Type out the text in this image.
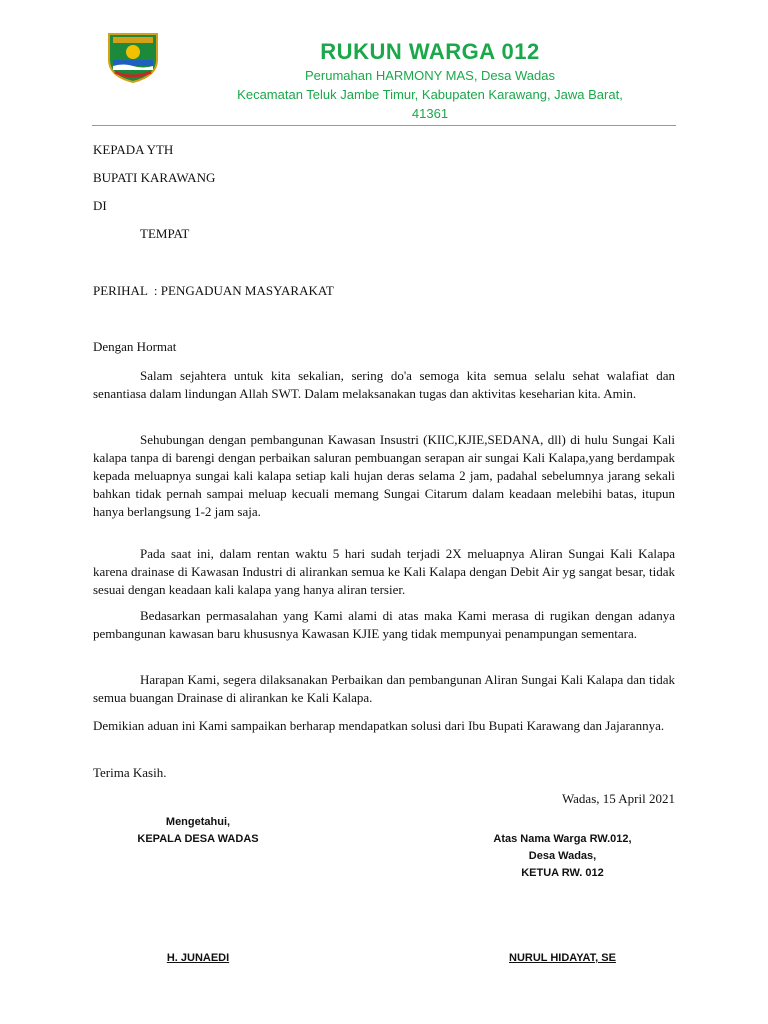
RUKUN WARGA 012
Perumahan HARMONY MAS, Desa Wadas
Kecamatan Teluk Jambe Timur, Kabupaten Karawang, Jawa Barat,
41361
KEPADA YTH
BUPATI KARAWANG
DI
TEMPAT
PERIHAL  : PENGADUAN MASYARAKAT
Dengan Hormat

Salam sejahtera untuk kita sekalian, sering do'a semoga kita semua selalu sehat walafiat dan senantiasa dalam lindungan Allah SWT. Dalam melaksanakan tugas dan aktivitas keseharian kita. Amin.

Sehubungan dengan pembangunan Kawasan Insustri (KIIC,KJIE,SEDANA, dll) di hulu Sungai Kali kalapa tanpa di barengi dengan perbaikan saluran pembuangan serapan air sungai Kali Kalapa,yang berdampak kepada meluapnya sungai kali kalapa setiap kali hujan deras selama 2 jam, padahal sebelumnya jarang sekali bahkan tidak pernah sampai meluap kecuali memang Sungai Citarum dalam keadaan melebihi batas, itupun hanya berlangsung 1-2 jam saja.

Pada saat ini, dalam rentan waktu 5 hari sudah terjadi 2X meluapnya Aliran Sungai Kali Kalapa karena drainase di Kawasan Industri di alirankan semua ke Kali Kalapa dengan Debit Air yg sangat besar, tidak sesuai dengan keadaan kali kalapa yang hanya aliran tersier.

Bedasarkan permasalahan yang Kami alami di atas maka Kami merasa di rugikan dengan adanya pembangunan kawasan baru khususnya Kawasan KJIE yang tidak mempunyai penampungan sementara.

Harapan Kami, segera dilaksanakan Perbaikan dan pembangunan Aliran Sungai Kali Kalapa dan tidak semua buangan Drainase di alirankan ke Kali Kalapa.

Demikian aduan ini Kami sampaikan berharap mendapatkan solusi dari Ibu Bupati Karawang dan Jajarannya.

Terima Kasih.
Wadas, 15 April 2021
Mengetahui,
KEPALA DESA WADAS	Atas Nama Warga RW.012,
Desa Wadas,
KETUA RW. 012
H. JUNAEDI	NURUL HIDAYAT, SE
